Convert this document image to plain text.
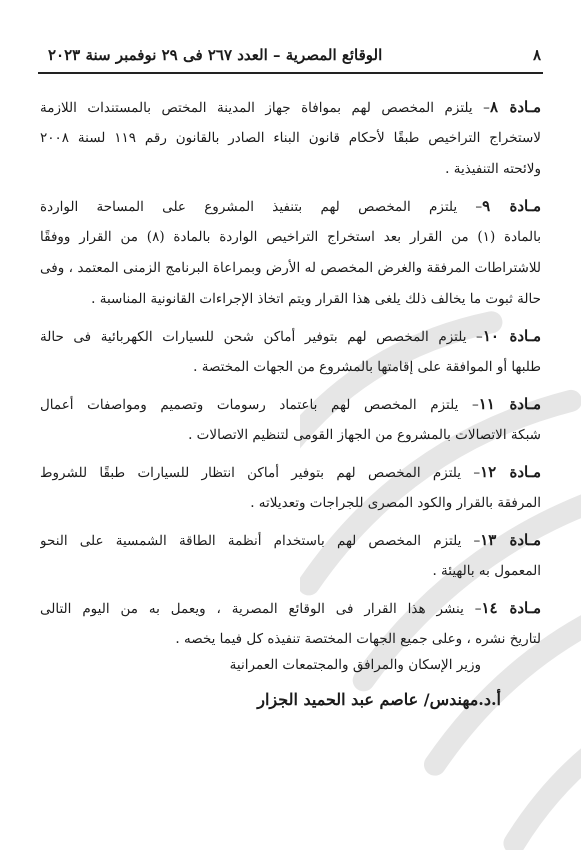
٨
الوقائع المصرية – العدد ٢٦٧ فى ٢٩ نوفمبر سنة ٢٠٢٣
مـادة ٨– يلتزم المخصص لهم بموافاة جهاز المدينة المختص بالمستندات اللازمة
لاستخراج التراخيص طبقًا لأحكام قانون البناء الصادر بالقانون رقم ١١٩ لسنة ٢٠٠٨
ولائحته التنفيذية .
مـادة ٩– يلتزم المخصص لهم بتنفيذ المشروع على المساحة الواردة
بالمادة (١) من القرار بعد استخراج التراخيص الواردة بالمادة (٨) من القرار ووفقًا
للاشتراطات المرفقة والغرض المخصص له الأرض وبمراعاة البرنامج الزمنى المعتمد ، وفى
حالة ثبوت ما يخالف ذلك يلغى هذا القرار ويتم اتخاذ الإجراءات القانونية المناسبة .
مـادة ١٠– يلتزم المخصص لهم بتوفير أماكن شحن للسيارات الكهربائية فى حالة
طلبها أو الموافقة على إقامتها بالمشروع من الجهات المختصة .
مـادة ١١– يلتزم المخصص لهم باعتماد رسومات وتصميم ومواصفات أعمال
شبكة الاتصالات بالمشروع من الجهاز القومى لتنظيم الاتصالات .
مـادة ١٢– يلتزم المخصص لهم بتوفير أماكن انتظار للسيارات طبقًا للشروط
المرفقة بالقرار والكود المصرى للجراجات وتعديلاته .
مـادة ١٣– يلتزم المخصص لهم باستخدام أنظمة الطاقة الشمسية على النحو
المعمول به بالهيئة .
مـادة ١٤– ينشر هذا القرار فى الوقائع المصرية ، ويعمل به من اليوم التالى
لتاريخ نشره ، وعلى جميع الجهات المختصة تنفيذه كل فيما يخصه .
وزير الإسكان والمرافق والمجتمعات العمرانية
أ.د.مهندس/ عاصم عبد الحميد الجزار
